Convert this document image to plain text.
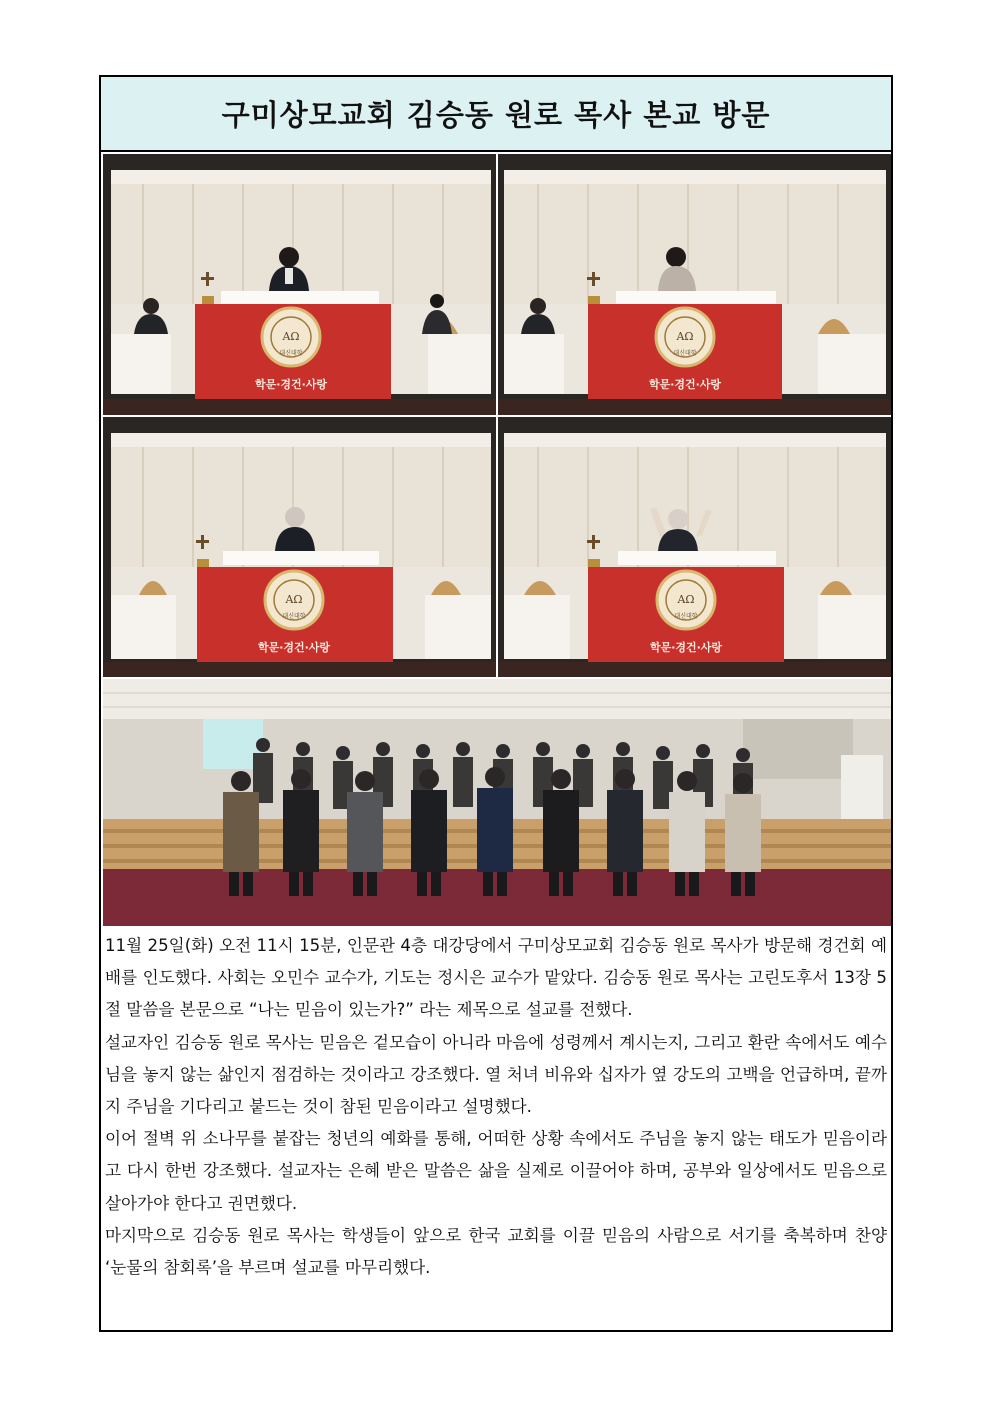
구미상모교회 김승동 원로 목사 본교 방문
ΑΩ
대신대학
학문·경건·사랑
ΑΩ
대신대학
학문·경건·사랑
ΑΩ
대신대학
학문·경건·사랑
ΑΩ
대신대학
학문·경건·사랑

11월 25일(화) 오전 11시 15분, 인문관 4층 대강당에서 구미상모교회 김승동 원로 목사가 방문해 경건회 예배를 인도했다. 사회는 오민수 교수가, 기도는 정시은 교수가 맡았다. 김승동 원로 목사는 고린도후서 13장 5절 말씀을 본문으로 “나는 믿음이 있는가?” 라는 제목으로 설교를 전했다.

설교자인 김승동 원로 목사는 믿음은 겉모습이 아니라 마음에 성령께서 계시는지, 그리고 환란 속에서도 예수님을 놓지 않는 삶인지 점검하는 것이라고 강조했다. 열 처녀 비유와 십자가 옆 강도의 고백을 언급하며, 끝까지 주님을 기다리고 붙드는 것이 참된 믿음이라고 설명했다.

이어 절벽 위 소나무를 붙잡는 청년의 예화를 통해, 어떠한 상황 속에서도 주님을 놓지 않는 태도가 믿음이라고 다시 한번 강조했다. 설교자는 은혜 받은 말씀은 삶을 실제로 이끌어야 하며, 공부와 일상에서도 믿음으로 살아가야 한다고 권면했다.

마지막으로 김승동 원로 목사는 학생들이 앞으로 한국 교회를 이끌 믿음의 사람으로 서기를 축복하며 찬양 ‘눈물의 참회록’을 부르며 설교를 마무리했다.
